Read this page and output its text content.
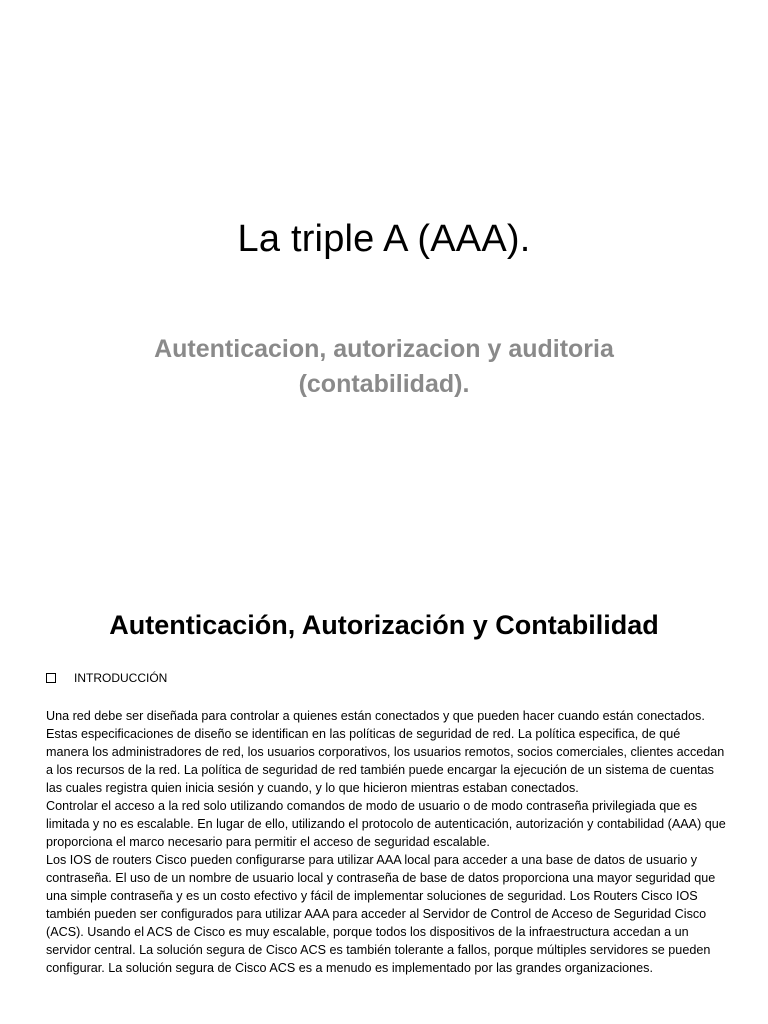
La triple A (AAA).
Autenticacion, autorizacion y auditoria
(contabilidad).
Autenticación, Autorización y Contabilidad
INTRODUCCIÓN

Una red debe ser diseñada para controlar a quienes están conectados y que pueden hacer cuando están conectados. Estas especificaciones de diseño se identifican en las políticas de seguridad de red. La política especifica, de qué manera los administradores de red, los usuarios corporativos, los usuarios remotos, socios comerciales, clientes accedan a los recursos de la red. La política de seguridad de red también puede encargar la ejecución de un sistema de cuentas las cuales registra quien inicia sesión y cuando, y lo que hicieron mientras estaban conectados.

Controlar el acceso a la red solo utilizando comandos de modo de usuario o de modo contraseña privilegiada que es limitada y no es escalable. En lugar de ello, utilizando el protocolo de autenticación, autorización y contabilidad (AAA) que proporciona el marco necesario para permitir el acceso de seguridad escalable.

Los IOS de routers Cisco pueden configurarse para utilizar AAA local para acceder a una base de datos de usuario y contraseña. El uso de un nombre de usuario local y contraseña de base de datos proporciona una mayor seguridad que una simple contraseña y es un costo efectivo y fácil de implementar soluciones de seguridad. Los Routers Cisco IOS también pueden ser configurados para utilizar AAA para acceder al Servidor de Control de Acceso de Seguridad Cisco (ACS). Usando el ACS de Cisco es muy escalable, porque todos los dispositivos de la infraestructura accedan a un servidor central. La solución segura de Cisco ACS es también tolerante a fallos, porque múltiples servidores se pueden configurar. La solución segura de Cisco ACS es a menudo es implementado por las grandes organizaciones.
